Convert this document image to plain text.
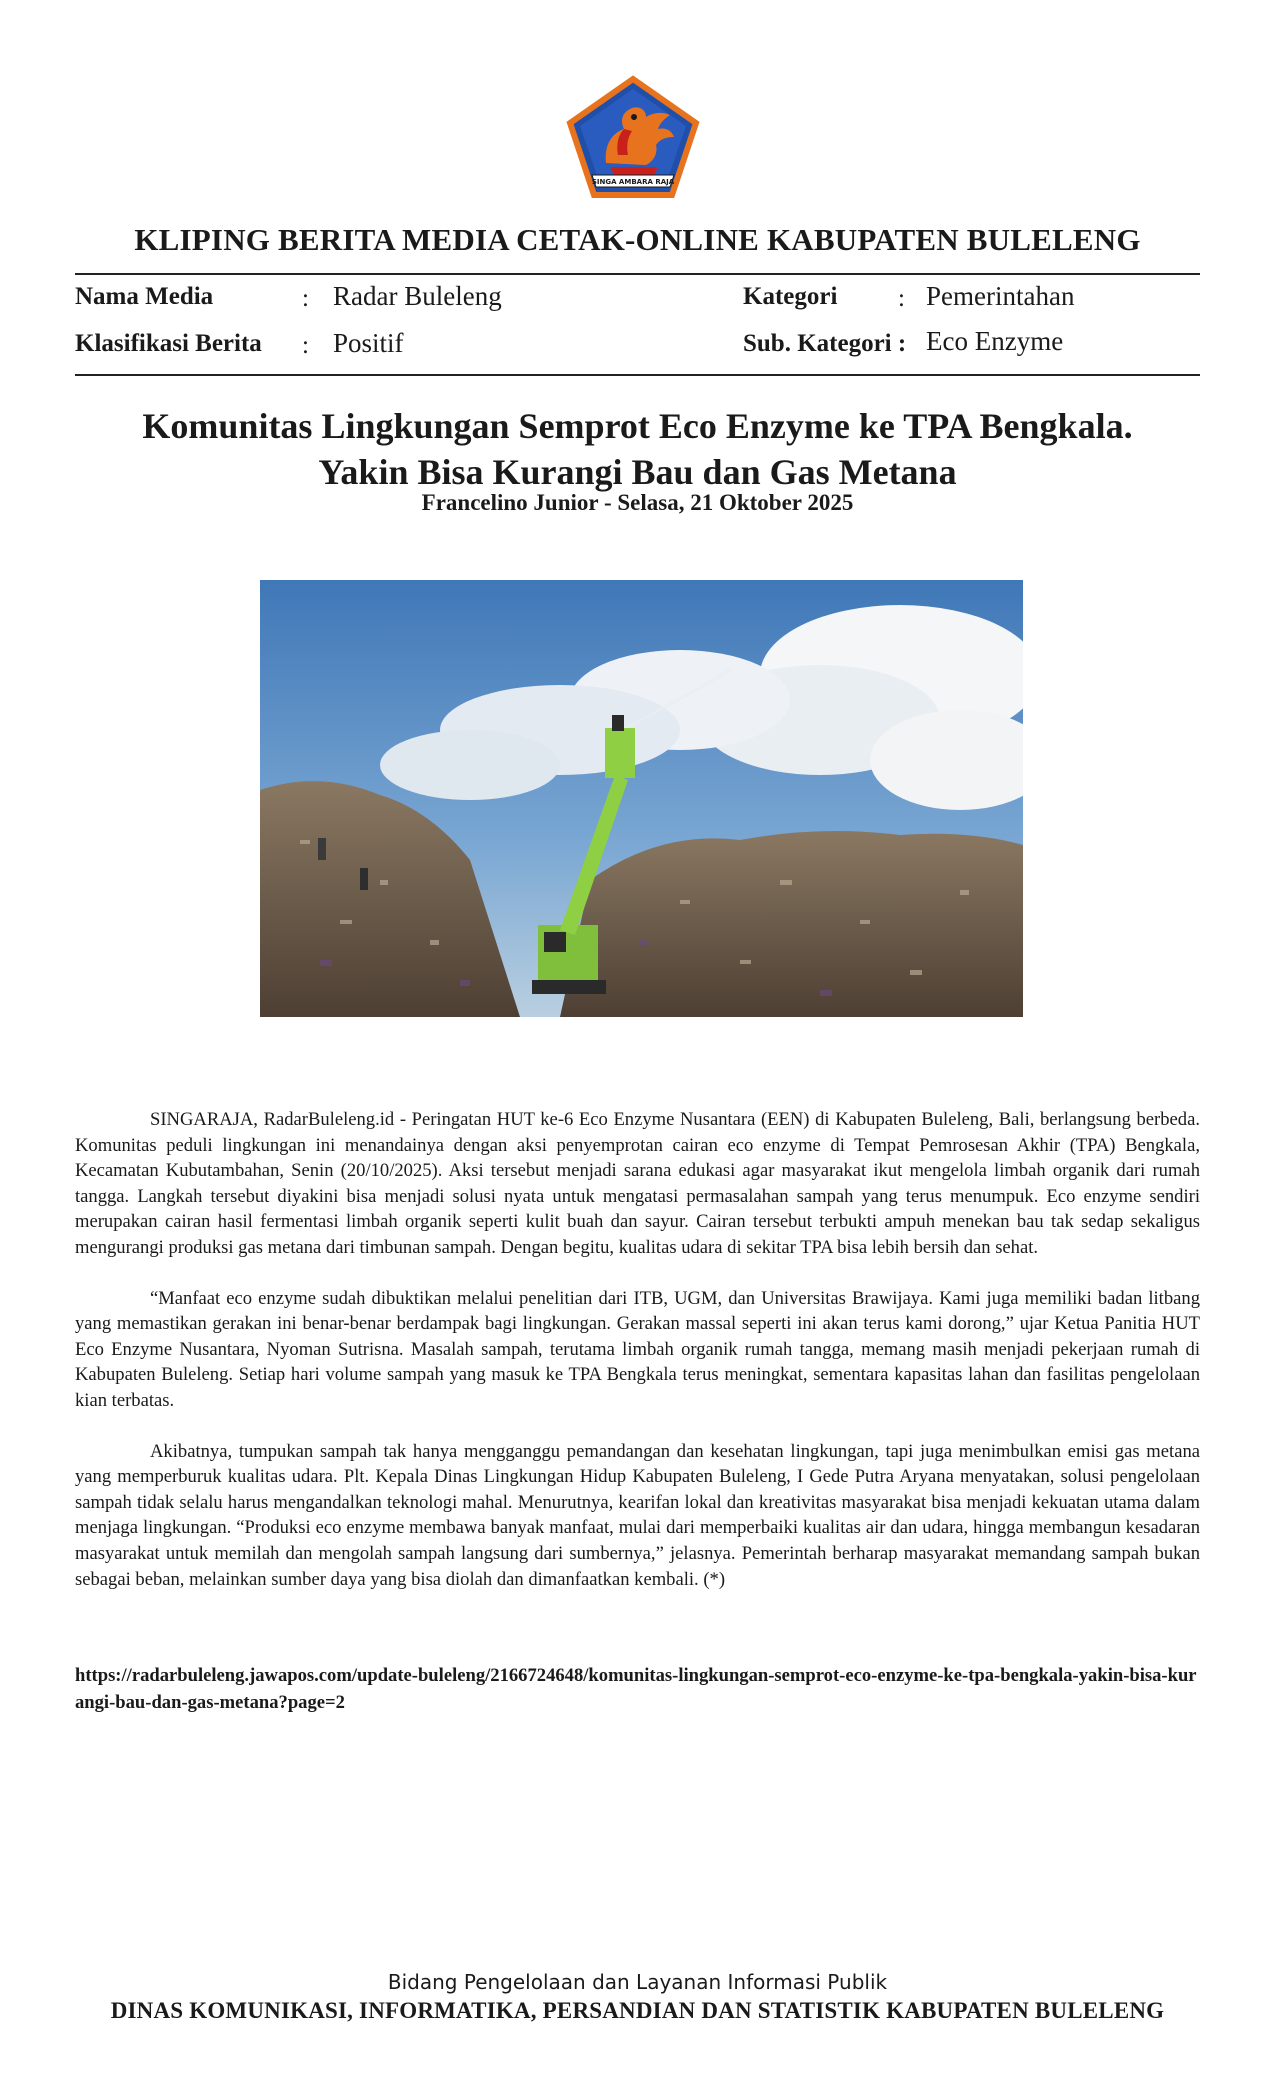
SINGA AMBARA RAJA
KLIPING BERITA MEDIA CETAK-ONLINE KABUPATEN BULELENG
Nama Media	: Radar Buleleng
Klasifikasi Berita : Positif
Kategori : Pemerintahan
Sub. Kategori : Eco Enzyme
Komunitas Lingkungan Semprot Eco Enzyme ke TPA Bengkala.
Yakin Bisa Kurangi Bau dan Gas Metana
Francelino Junior - Selasa, 21 Oktober 2025

SINGARAJA, RadarBuleleng.id - Peringatan HUT ke-6 Eco Enzyme Nusantara (EEN) di Kabupaten Buleleng, Bali, berlangsung berbeda. Komunitas peduli lingkungan ini menandainya dengan aksi penyemprotan cairan eco enzyme di Tempat Pemrosesan Akhir (TPA) Bengkala, Kecamatan Kubutambahan, Senin (20/10/2025). Aksi tersebut menjadi sarana edukasi agar masyarakat ikut mengelola limbah organik dari rumah tangga. Langkah tersebut diyakini bisa menjadi solusi nyata untuk mengatasi permasalahan sampah yang terus menumpuk. Eco enzyme sendiri merupakan cairan hasil fermentasi limbah organik seperti kulit buah dan sayur. Cairan tersebut terbukti ampuh menekan bau tak sedap sekaligus mengurangi produksi gas metana dari timbunan sampah. Dengan begitu, kualitas udara di sekitar TPA bisa lebih bersih dan sehat.

“Manfaat eco enzyme sudah dibuktikan melalui penelitian dari ITB, UGM, dan Universitas Brawijaya. Kami juga memiliki badan litbang yang memastikan gerakan ini benar-benar berdampak bagi lingkungan. Gerakan massal seperti ini akan terus kami dorong,” ujar Ketua Panitia HUT Eco Enzyme Nusantara, Nyoman Sutrisna. Masalah sampah, terutama limbah organik rumah tangga, memang masih menjadi pekerjaan rumah di Kabupaten Buleleng. Setiap hari volume sampah yang masuk ke TPA Bengkala terus meningkat, sementara kapasitas lahan dan fasilitas pengelolaan kian terbatas.

Akibatnya, tumpukan sampah tak hanya mengganggu pemandangan dan kesehatan lingkungan, tapi juga menimbulkan emisi gas metana yang memperburuk kualitas udara. Plt. Kepala Dinas Lingkungan Hidup Kabupaten Buleleng, I Gede Putra Aryana menyatakan, solusi pengelolaan sampah tidak selalu harus mengandalkan teknologi mahal. Menurutnya, kearifan lokal dan kreativitas masyarakat bisa menjadi kekuatan utama dalam menjaga lingkungan. “Produksi eco enzyme membawa banyak manfaat, mulai dari memperbaiki kualitas air dan udara, hingga membangun kesadaran masyarakat untuk memilah dan mengolah sampah langsung dari sumbernya,” jelasnya. Pemerintah berharap masyarakat memandang sampah bukan sebagai beban, melainkan sumber daya yang bisa diolah dan dimanfaatkan kembali. (*)

https://radarbuleleng.jawapos.com/update-buleleng/2166724648/komunitas-lingkungan-semprot-eco-enzyme-ke-tpa-bengkala-yakin-bisa-kurangi-bau-dan-gas-metana?page=2
Bidang Pengelolaan dan Layanan Informasi Publik
DINAS KOMUNIKASI, INFORMATIKA, PERSANDIAN DAN STATISTIK KABUPATEN BULELENG
